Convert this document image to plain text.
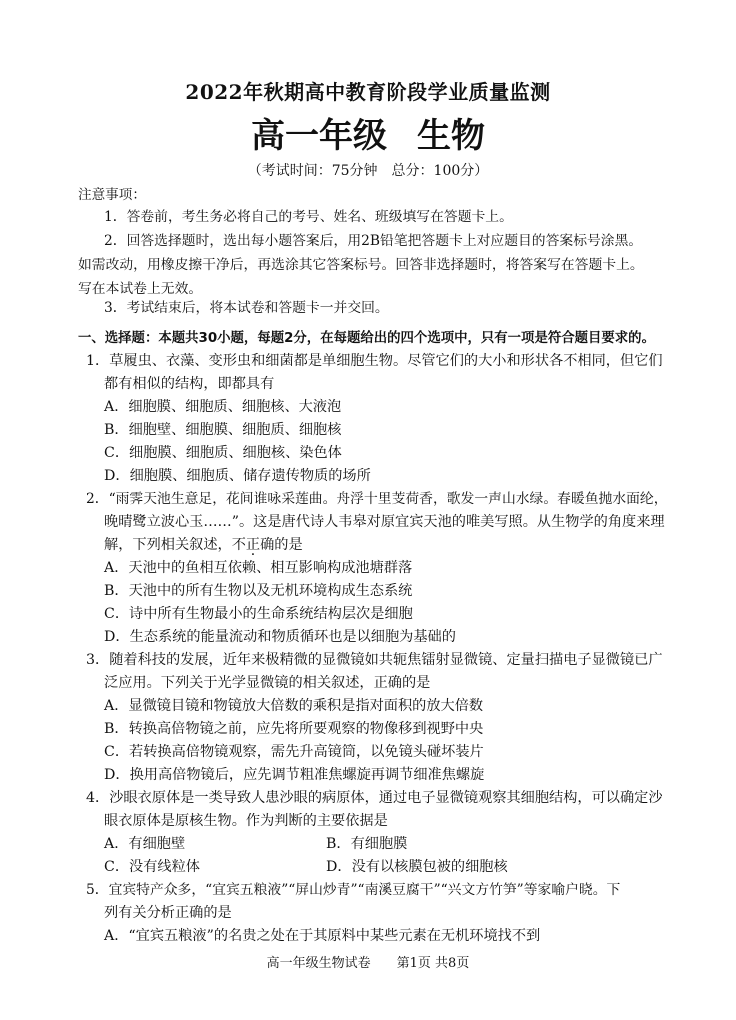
2022年秋期高中教育阶段学业质量监测
高一年级 生物
（考试时间：75分钟　总分：100分）
注意事项：
1．答卷前，考生务必将自己的考号、姓名、班级填写在答题卡上。
2．回答选择题时，选出每小题答案后，用2B铅笔把答题卡上对应题目的答案标号涂黑。
如需改动，用橡皮擦干净后，再选涂其它答案标号。回答非选择题时，将答案写在答题卡上。
写在本试卷上无效。
3．考试结束后，将本试卷和答题卡一并交回。
一、选择题：本题共30小题，每题2分，在每题给出的四个选项中，只有一项是符合题目要求的。
1．草履虫、衣藻、变形虫和细菌都是单细胞生物。尽管它们的大小和形状各不相同，但它们
都有相似的结构，即都具有
A．细胞膜、细胞质、细胞核、大液泡
B．细胞壁、细胞膜、细胞质、细胞核
C．细胞膜、细胞质、细胞核、染色体
D．细胞膜、细胞质、储存遗传物质的场所
2．“雨霁天池生意足，花间谁咏采莲曲。舟浮十里芰荷香，歌发一声山水绿。春暖鱼抛水面纶，
晚晴鹭立波心玉……”。这是唐代诗人韦皋对原宜宾天池的唯美写照。从生物学的角度来理
解，下列相关叙述，不正确的是
A．天池中的鱼相互依赖、相互影响构成池塘群落
B．天池中的所有生物以及无机环境构成生态系统
C．诗中所有生物最小的生命系统结构层次是细胞
D．生态系统的能量流动和物质循环也是以细胞为基础的
3．随着科技的发展，近年来极精微的显微镜如共轭焦镭射显微镜、定量扫描电子显微镜已广
泛应用。下列关于光学显微镜的相关叙述，正确的是
A．显微镜目镜和物镜放大倍数的乘积是指对面积的放大倍数
B．转换高倍物镜之前，应先将所要观察的物像移到视野中央
C．若转换高倍物镜观察，需先升高镜筒，以免镜头碰坏装片
D．换用高倍物镜后，应先调节粗准焦螺旋再调节细准焦螺旋
4．沙眼衣原体是一类导致人患沙眼的病原体，通过电子显微镜观察其细胞结构，可以确定沙
眼衣原体是原核生物。作为判断的主要依据是
A．有细胞壁	B．有细胞膜
C．没有线粒体	D．没有以核膜包被的细胞核
5．宜宾特产众多，“宜宾五粮液”“屏山炒青”“南溪豆腐干”“兴文方竹笋”等家喻户晓。下
列有关分析正确的是
A．“宜宾五粮液”的名贵之处在于其原料中某些元素在无机环境找不到
高一年级生物试卷　　第1页 共8页
